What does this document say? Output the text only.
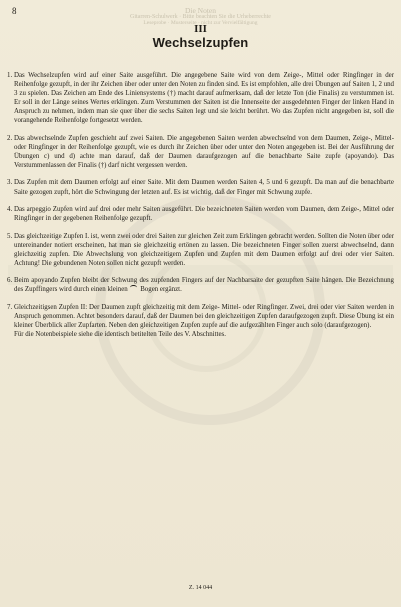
8	Die Noten
Gitarren-Schulwerk · Bitte beachten Sie die Urheberrechte
Leseprobe · Musterseite · nicht zur Vervielfältigung
III
Wechselzupfen

1. Das Wechselzupfen wird auf einer Saite ausgeführt. Die angegebene Saite wird von dem Zeige-, Mittel oder Ringfinger in der Reihenfolge gezupft, in der ihr Zeichen über oder unter den Noten zu finden sind. Es ist empfohlen, alle drei Übungen auf Saiten 1, 2 und 3 zu spielen. Das Zeichen am Ende des Liniensystems (†) macht darauf aufmerksam, daß der letzte Ton (die Finalis) zu verstummen ist. Er soll in der Länge seines Wertes erklingen. Zum Verstummen der Saiten ist die Innenseite der ausgedehnten Finger der linken Hand in Anspruch zu nehmen, indem man sie quer über die sechs Saiten legt und sie leicht berührt. Wo das Zupfen nicht angegeben ist, soll die vorangehende Reihenfolge fortgesetzt werden.

2. Das abwechselnde Zupfen geschieht auf zwei Saiten. Die angegebenen Saiten werden abwechselnd von dem Daumen, Zeige-, Mittel- oder Ringfinger in der Reihenfolge gezupft, wie es durch ihr Zeichen über oder unter den Noten angegeben ist. Bei der Ausführung der Übungen c) und d) achte man darauf, daß der Daumen daraufgezogen auf die benachbarte Saite zupfe (apoyando). Das Verstummenlassen der Finalis (†) darf nicht vergessen werden.

3. Das Zupfen mit dem Daumen erfolgt auf einer Saite. Mit dem Daumen werden Saiten 4, 5 und 6 gezupft. Da man auf die benachbarte Saite gezogen zupft, hört die Schwingung der letzten auf. Es ist wichtig, daß der Finger mit Schwung zupfe.

4. Das arpeggio Zupfen wird auf drei oder mehr Saiten ausgeführt. Die bezeichneten Saiten werden vom Daumen, dem Zeige-, Mittel oder Ringfinger in der gegebenen Reihenfolge gezupft.

5. Das gleichzeitige Zupfen I. ist, wenn zwei oder drei Saiten zur gleichen Zeit zum Erklingen gebracht werden. Sollten die Noten über oder untereinander notiert erscheinen, hat man sie gleichzeitig ertönen zu lassen. Die bezeichneten Finger sollen zuerst abwechselnd, dann gleichzeitig zupfen. Die Abwechslung von gleichzeitigem Zupfen und Zupfen mit dem Daumen erfolgt auf drei oder vier Saiten. Achtung! Die gebundenen Noten sollen nicht gezupft werden.

6. Beim apoyando Zupfen bleibt der Schwung des zupfenden Fingers auf der Nachbarsaite der gezupften Saite hängen. Die Bezeichnung des Zupffingers wird durch einen kleinen Bogen ergänzt.

7. Gleichzeitigsen Zupfen II: Der Daumen zupft gleichzeitig mit dem Zeige- Mittel- oder Ringfinger. Zwei, drei oder vier Saiten werden in Anspruch genommen. Achtet besonders darauf, daß der Daumen bei den gleichzeitigen Zupfen daraufgezogen zupft. Diese Übung ist ein kleiner Überblick aller Zupfarten. Neben den gleichzeitigen Zupfen zupfe auf die aufgezählten Finger auch solo (daraufgezogen).
Für die Notenbeispiele siehe die identisch betitelten Teile des V. Abschnittes.

Z. 14 044
